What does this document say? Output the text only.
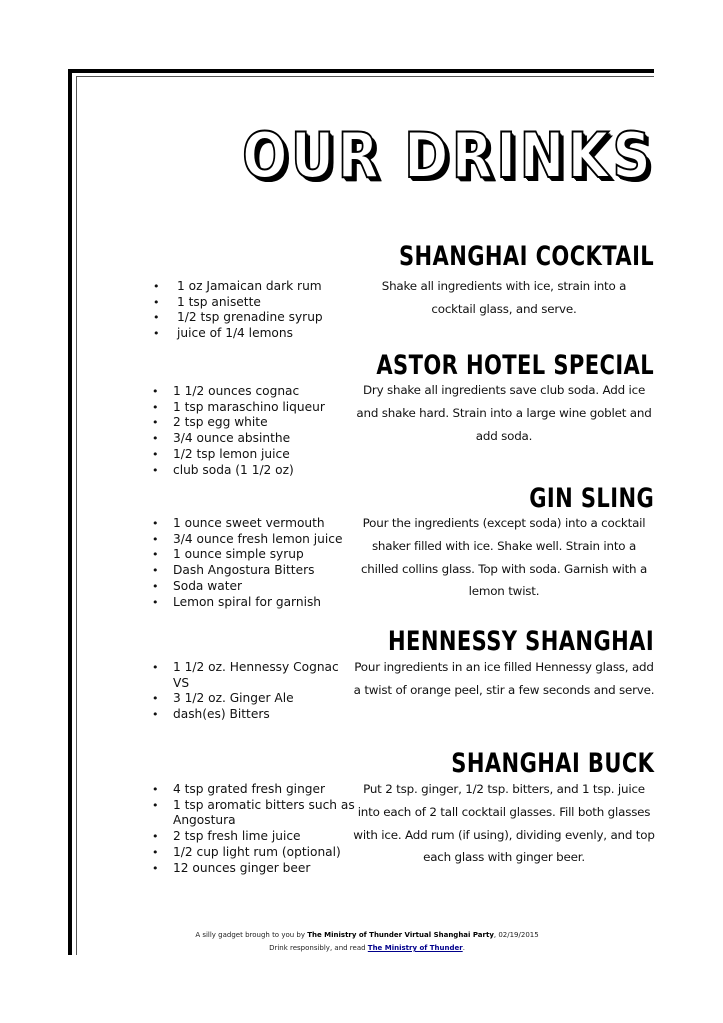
OUR DRINKS
SHANGHAI COCKTAIL
• 1 oz Jamaican dark rum
• 1 tsp anisette
• 1/2 tsp grenadine syrup
• juice of 1/4 lemons

Shake all ingredients with ice, strain into a cocktail glass, and serve.

ASTOR HOTEL SPECIAL
• 1 1/2 ounces cognac
• 1 tsp maraschino liqueur
• 2 tsp egg white
• 3/4 ounce absinthe
• 1/2 tsp lemon juice
• club soda (1 1/2 oz)

Dry shake all ingredients save club soda. Add ice and shake hard. Strain into a large wine goblet and add soda.

GIN SLING
• 1 ounce sweet vermouth
• 3/4 ounce fresh lemon juice
• 1 ounce simple syrup
• Dash Angostura Bitters
• Soda water
• Lemon spiral for garnish

Pour the ingredients (except soda) into a cocktail shaker filled with ice. Shake well. Strain into a chilled collins glass. Top with soda. Garnish with a lemon twist.

HENNESSY SHANGHAI
• 1 1/2 oz. Hennessy Cognac VS
• 3 1/2 oz. Ginger Ale
• dash(es) Bitters

Pour ingredients in an ice filled Hennessy glass, add a twist of orange peel, stir a few seconds and serve.

SHANGHAI BUCK
• 4 tsp grated fresh ginger
• 1 tsp aromatic bitters such as Angostura
• 2 tsp fresh lime juice
• 1/2 cup light rum (optional)
• 12 ounces ginger beer

Put 2 tsp. ginger, 1/2 tsp. bitters, and 1 tsp. juice into each of 2 tall cocktail glasses. Fill both glasses with ice. Add rum (if using), dividing evenly, and top each glass with ginger beer.

A silly gadget brough to you by The Ministry of Thunder Virtual Shanghai Party, 02/19/2015
Drink responsibly, and read The Ministry of Thunder.
